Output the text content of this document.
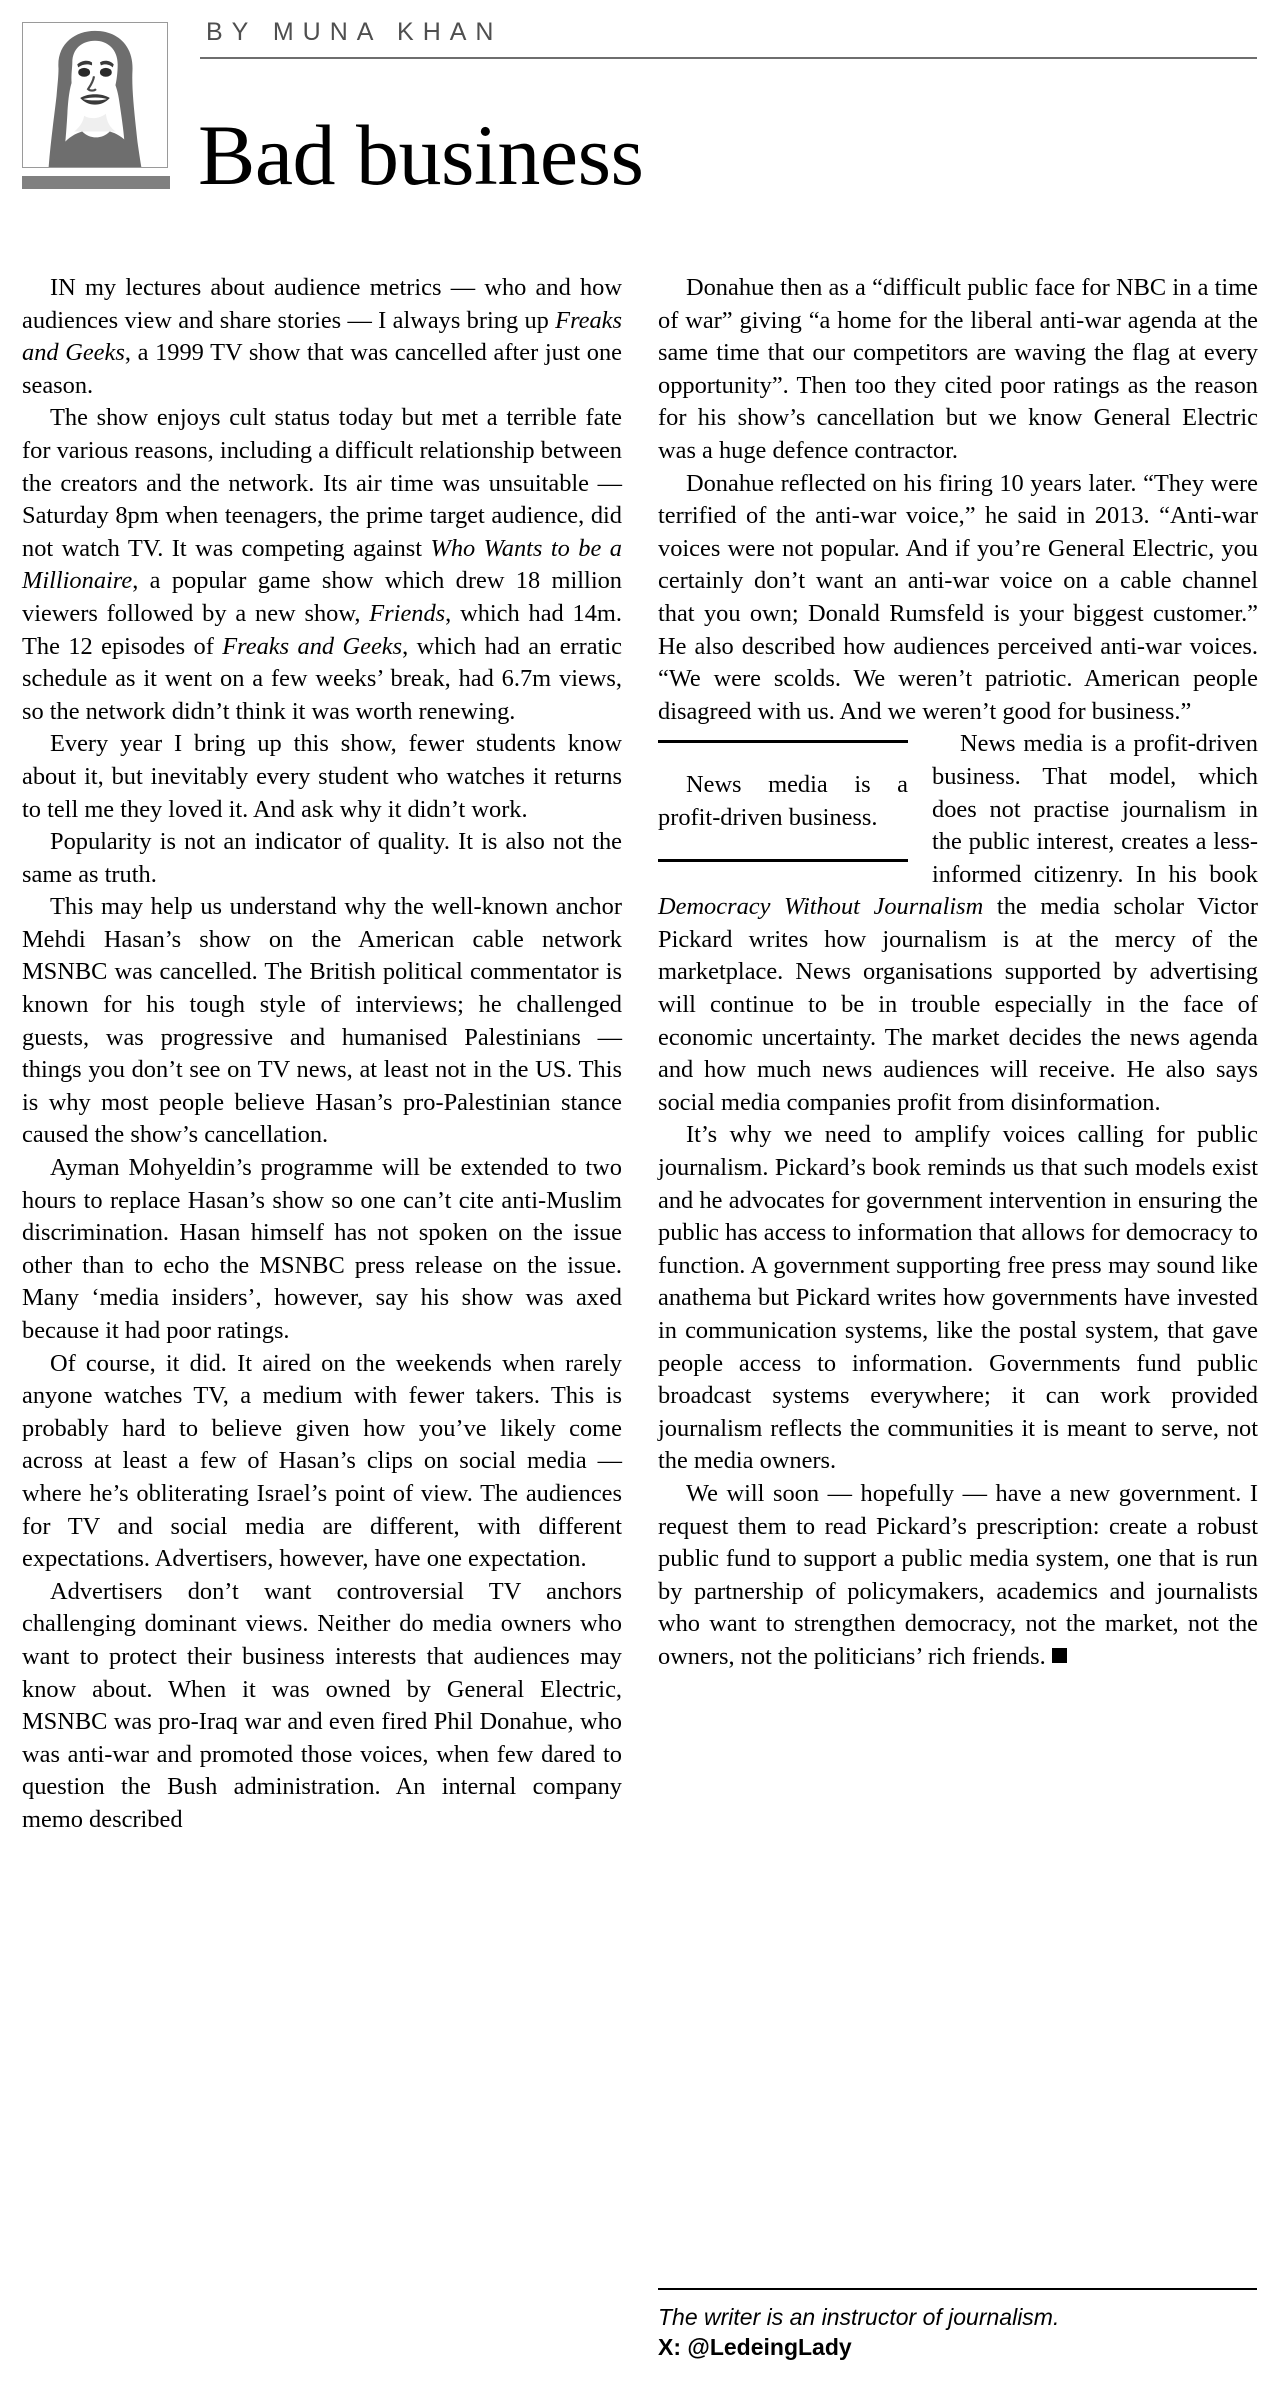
BY MUNA KHAN
Bad business

IN my lectures about audience metrics — who and how audiences view and share stories — I always bring up Freaks and Geeks, a 1999 TV show that was cancelled after just one season.

The show enjoys cult status today but met a terrible fate for various reasons, including a difficult relationship between the creators and the network. Its air time was unsuitable — Saturday 8pm when teenagers, the prime target audience, did not watch TV. It was competing against Who Wants to be a Millionaire, a popular game show which drew 18 million viewers followed by a new show, Friends, which had 14m. The 12 episodes of Freaks and Geeks, which had an erratic schedule as it went on a few weeks’ break, had 6.7m views, so the network didn’t think it was worth renewing.

Every year I bring up this show, fewer students know about it, but inevitably every student who watches it returns to tell me they loved it. And ask why it didn’t work.

Popularity is not an indicator of quality. It is also not the same as truth.

This may help us understand why the well-known anchor Mehdi Hasan’s show on the American cable network MSNBC was cancelled. The British political commentator is known for his tough style of interviews; he challenged guests, was progressive and humanised Palestinians — things you don’t see on TV news, at least not in the US. This is why most people believe Hasan’s pro-Palestinian stance caused the show’s cancellation.

Ayman Mohyeldin’s programme will be extended to two hours to replace Hasan’s show so one can’t cite anti-Muslim discrimination. Hasan himself has not spoken on the issue other than to echo the MSNBC press release on the issue. Many ‘media insiders’, however, say his show was axed because it had poor ratings.

Of course, it did. It aired on the weekends when rarely anyone watches TV, a medium with fewer takers. This is probably hard to believe given how you’ve likely come across at least a few of Hasan’s clips on social media — where he’s obliterating Israel’s point of view. The audiences for TV and social media are different, with different expectations. Advertisers, however, have one expectation.

Advertisers don’t want controversial TV anchors challenging dominant views. Neither do media owners who want to protect their business interests that audiences may know about. When it was owned by General Electric, MSNBC was pro-Iraq war and even fired Phil Donahue, who was anti-war and promoted those voices, when few dared to question the Bush administration. An internal company memo described

Donahue then as a “difficult public face for NBC in a time of war” giving “a home for the liberal anti-war agenda at the same time that our competitors are waving the flag at every opportunity”. Then too they cited poor ratings as the reason for his show’s cancellation but we know General Electric was a huge defence contractor.

Donahue reflected on his firing 10 years later. “They were terrified of the anti-war voice,” he said in 2013. “Anti-war voices were not popular. And if you’re General Electric, you certainly don’t want an anti-war voice on a cable channel that you own; Donald Rumsfeld is your biggest customer.” He also described how audiences perceived anti-war voices. “We were scolds. We weren’t patriotic. American people disagreed with us. And we weren’t good for business.”

News media is a profit-driven business.

News media is a profit-driven business. That model, which does not practise journalism in the public interest, creates a less-informed citizenry. In his book Democracy Without Journalism the media scholar Victor Pickard writes how journalism is at the mercy of the marketplace. News organisations supported by advertising will continue to be in trouble especially in the face of economic uncertainty. The market decides the news agenda and how much news audiences will receive. He also says social media companies profit from disinformation.

It’s why we need to amplify voices calling for public journalism. Pickard’s book reminds us that such models exist and he advocates for government intervention in ensuring the public has access to information that allows for democracy to function. A government supporting free press may sound like anathema but Pickard writes how governments have invested in communication systems, like the postal system, that gave people access to information. Governments fund public broadcast systems everywhere; it can work provided journalism reflects the communities it is meant to serve, not the media owners.

We will soon — hopefully — have a new government. I request them to read Pickard’s prescription: create a robust public fund to support a public media system, one that is run by partnership of policymakers, academics and journalists who want to strengthen democracy, not the market, not the owners, not the politicians’ rich friends.

The writer is an instructor of journalism.
X: @LedeingLady
